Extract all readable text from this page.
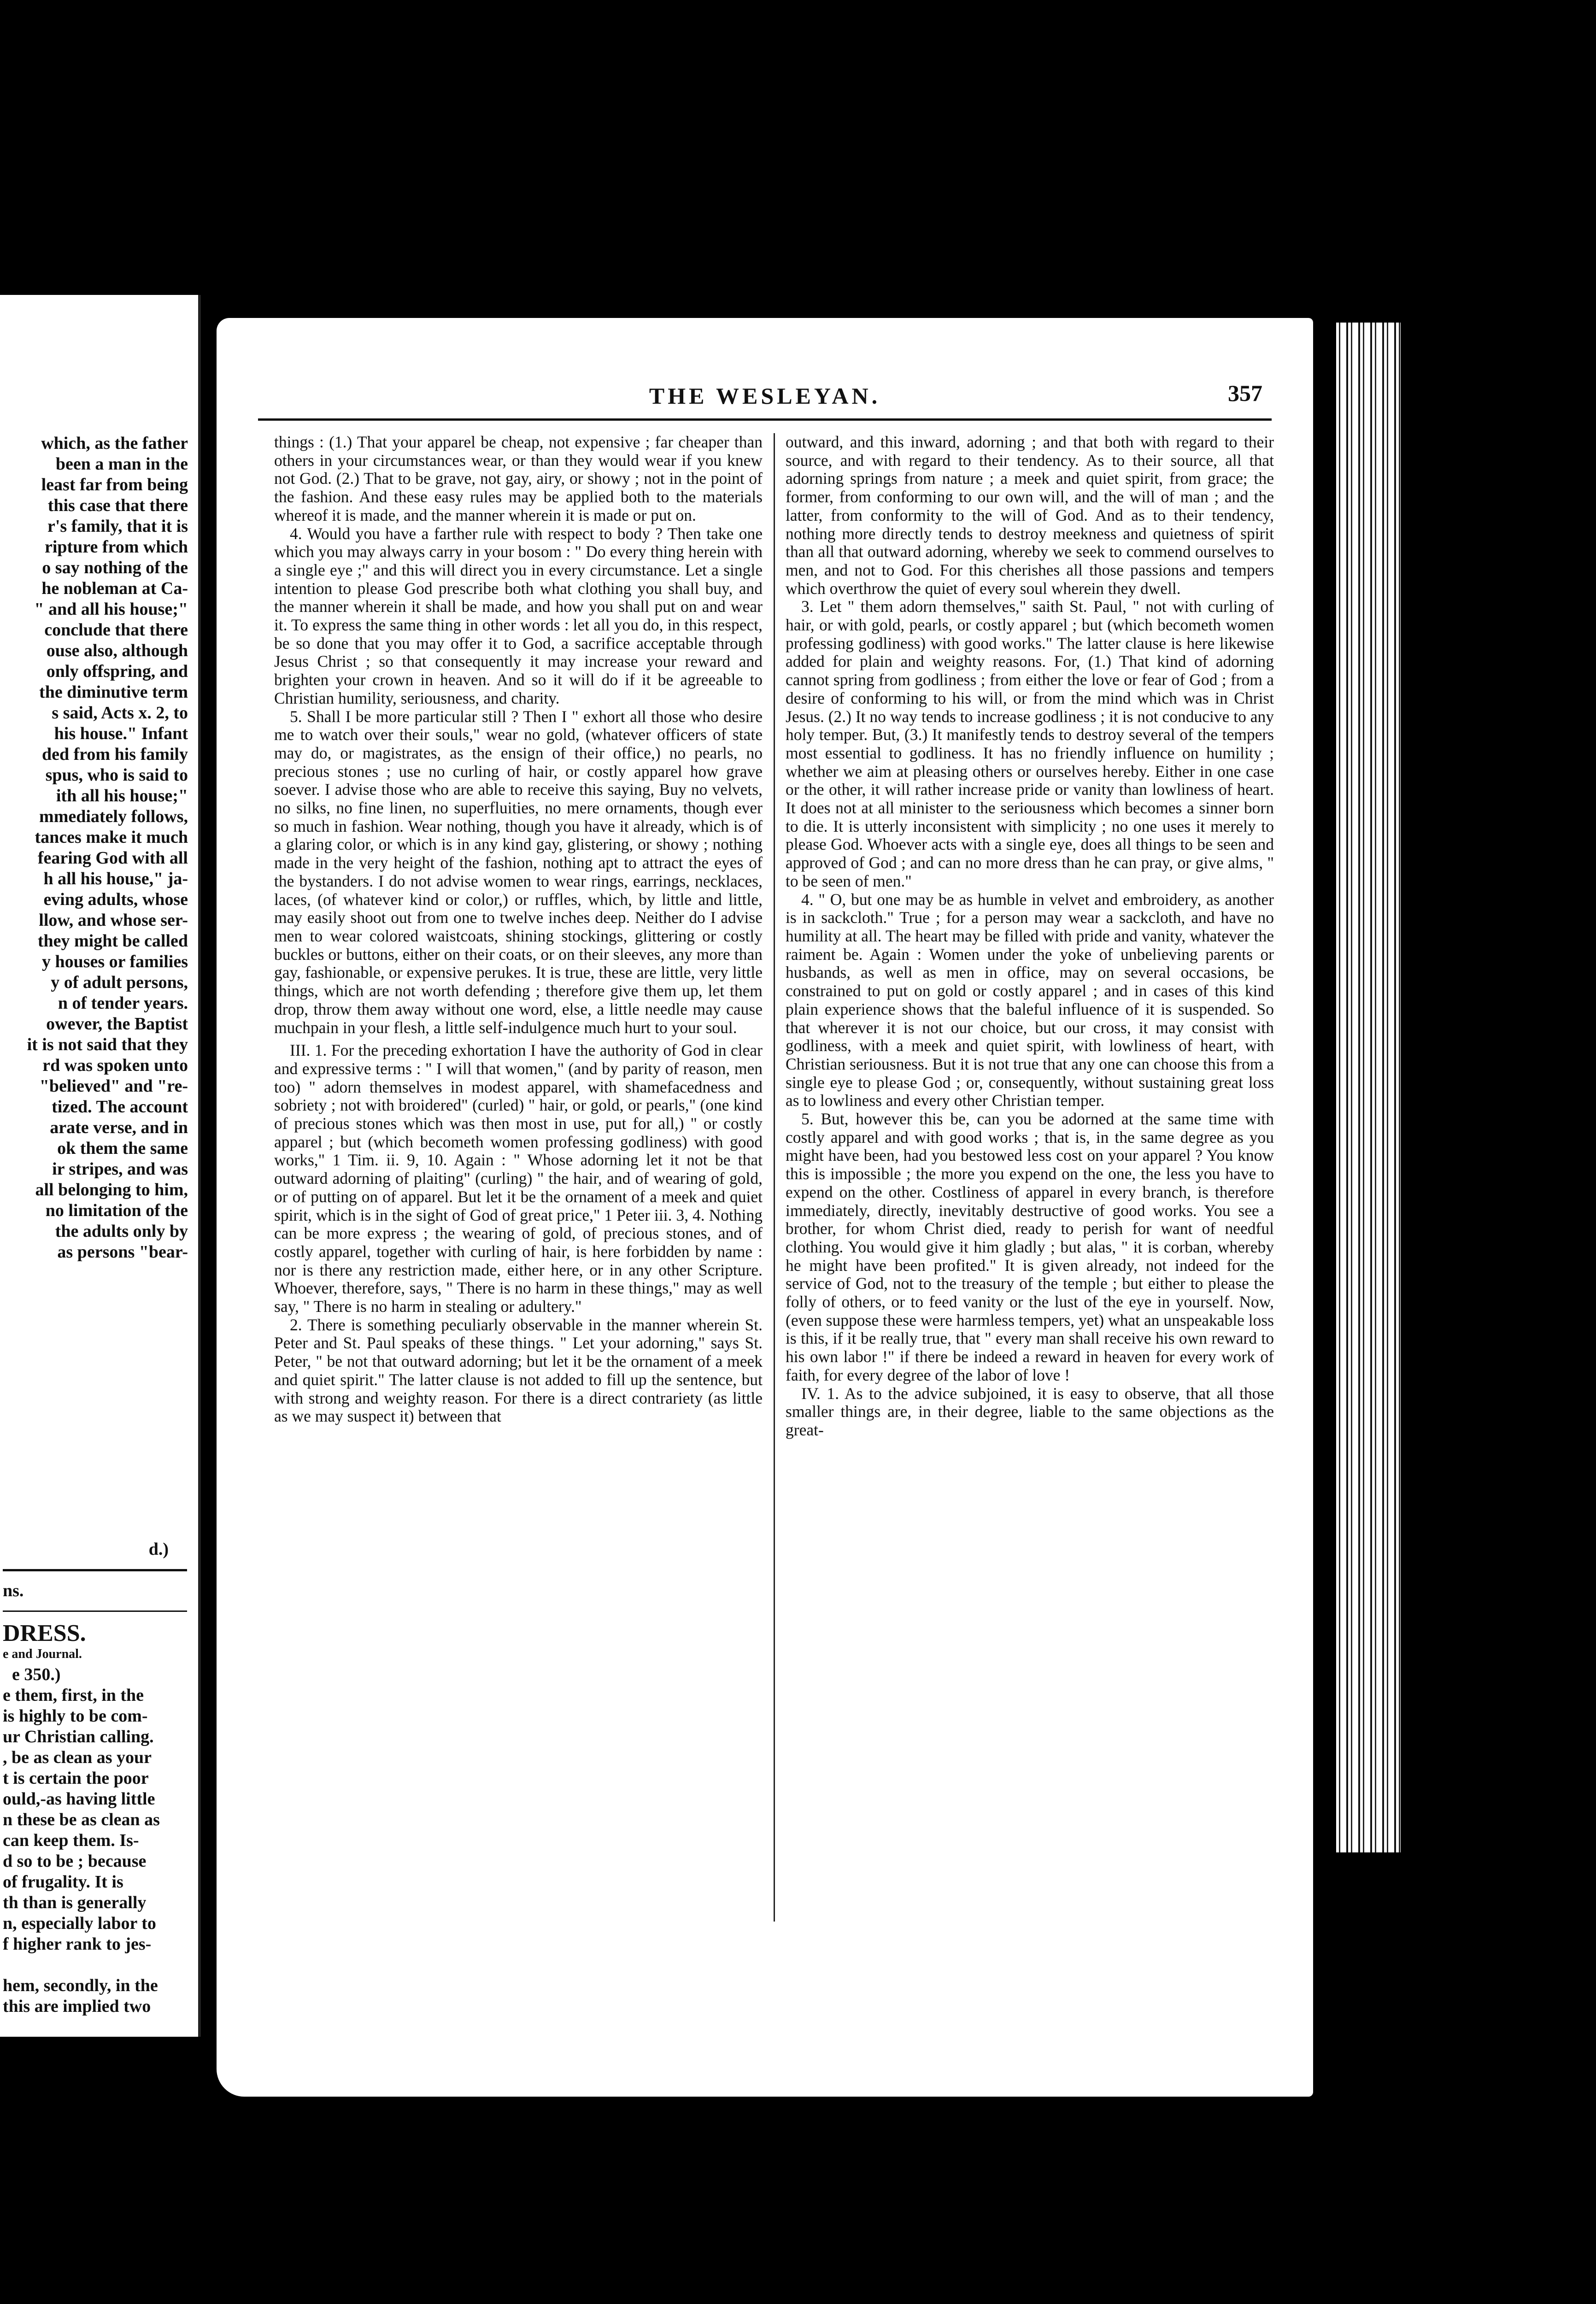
which, as the father
been a man in the
least far from being
this case that there
r's family, that it is
ripture from which
o say nothing of the
he nobleman at Ca-
" and all his house;"
conclude that there
ouse also, although
only offspring, and
the diminutive term
s said, Acts x. 2, to
his house." Infant
ded from his family
spus, who is said to
ith all his house;"
mmediately follows,
tances make it much
fearing God with all
h all his house," ja-
eving adults, whose
llow, and whose ser-
they might be called
y houses or families
y of adult persons,
n of tender years.
owever, the Baptist
it is not said that they
rd was spoken unto
"believed" and "re-
tized. The account
arate verse, and in
ok them the same
ir stripes, and was
all belonging to him,
no limitation of the
the adults only by
as persons "bear-
d.)
ns.
DRESS.
e and Journal.
e 350.)
e them, first, in the
is highly to be com-
ur Christian calling.
, be as clean as your
t is certain the poor
ould,-as having little
n these be as clean as
can keep them. Is-
d so to be ; because
of frugality. It is
th than is generally
n, especially labor to
f higher rank to jes-

hem, secondly, in the
this are implied two
THE WESLEYAN.	357

things : (1.) That your apparel be cheap, not expensive ; far cheaper than others in your circumstances wear, or than they would wear if you knew not God. (2.) That to be grave, not gay, airy, or showy ; not in the point of the fashion. And these easy rules may be applied both to the materials whereof it is made, and the manner wherein it is made or put on.

4. Would you have a farther rule with respect to body ? Then take one which you may always carry in your bosom : " Do every thing herein with a single eye ;" and this will direct you in every circumstance. Let a single intention to please God prescribe both what clothing you shall buy, and the manner wherein it shall be made, and how you shall put on and wear it. To express the same thing in other words : let all you do, in this respect, be so done that you may offer it to God, a sacrifice acceptable through Jesus Christ ; so that consequently it may increase your reward and brighten your crown in heaven. And so it will do if it be agreeable to Christian humility, seriousness, and charity.

5. Shall I be more particular still ? Then I " exhort all those who desire me to watch over their souls," wear no gold, (whatever officers of state may do, or magistrates, as the ensign of their office,) no pearls, no precious stones ; use no curling of hair, or costly apparel how grave soever. I advise those who are able to receive this saying, Buy no velvets, no silks, no fine linen, no superfluities, no mere ornaments, though ever so much in fashion. Wear nothing, though you have it already, which is of a glaring color, or which is in any kind gay, glistering, or showy ; nothing made in the very height of the fashion, nothing apt to attract the eyes of the bystanders. I do not advise women to wear rings, earrings, necklaces, laces, (of whatever kind or color,) or ruffles, which, by little and little, may easily shoot out from one to twelve inches deep. Neither do I advise men to wear colored waistcoats, shining stockings, glittering or costly buckles or buttons, either on their coats, or on their sleeves, any more than gay, fashionable, or expensive perukes. It is true, these are little, very little things, which are not worth defending ; therefore give them up, let them drop, throw them away without one word, else, a little needle may cause muchpain in your flesh, a little self-indulgence much hurt to your soul.

III. 1. For the preceding exhortation I have the authority of God in clear and expressive terms : " I will that women," (and by parity of reason, men too) " adorn themselves in modest apparel, with shamefacedness and sobriety ; not with broidered" (curled) " hair, or gold, or pearls," (one kind of precious stones which was then most in use, put for all,) " or costly apparel ; but (which becometh women professing godliness) with good works," 1 Tim. ii. 9, 10. Again : " Whose adorning let it not be that outward adorning of plaiting" (curling) " the hair, and of wearing of gold, or of putting on of apparel. But let it be the ornament of a meek and quiet spirit, which is in the sight of God of great price," 1 Peter iii. 3, 4. Nothing can be more express ; the wearing of gold, of precious stones, and of costly apparel, together with curling of hair, is here forbidden by name : nor is there any restriction made, either here, or in any other Scripture. Whoever, therefore, says, " There is no harm in these things," may as well say, " There is no harm in stealing or adultery."

2. There is something peculiarly observable in the manner wherein St. Peter and St. Paul speaks of these things. " Let your adorning," says St. Peter, " be not that outward adorning; but let it be the ornament of a meek and quiet spirit." The latter clause is not added to fill up the sentence, but with strong and weighty reason. For there is a direct contrariety (as little as we may suspect it) between that

outward, and this inward, adorning ; and that both with regard to their source, and with regard to their tendency. As to their source, all that adorning springs from nature ; a meek and quiet spirit, from grace; the former, from conforming to our own will, and the will of man ; and the latter, from conformity to the will of God. And as to their tendency, nothing more directly tends to destroy meekness and quietness of spirit than all that outward adorning, whereby we seek to commend ourselves to men, and not to God. For this cherishes all those passions and tempers which overthrow the quiet of every soul wherein they dwell.

3. Let " them adorn themselves," saith St. Paul, " not with curling of hair, or with gold, pearls, or costly apparel ; but (which becometh women professing godliness) with good works." The latter clause is here likewise added for plain and weighty reasons. For, (1.) That kind of adorning cannot spring from godliness ; from either the love or fear of God ; from a desire of conforming to his will, or from the mind which was in Christ Jesus. (2.) It no way tends to increase godliness ; it is not conducive to any holy temper. But, (3.) It manifestly tends to destroy several of the tempers most essential to godliness. It has no friendly influence on humility ; whether we aim at pleasing others or ourselves hereby. Either in one case or the other, it will rather increase pride or vanity than lowliness of heart. It does not at all minister to the seriousness which becomes a sinner born to die. It is utterly inconsistent with simplicity ; no one uses it merely to please God. Whoever acts with a single eye, does all things to be seen and approved of God ; and can no more dress than he can pray, or give alms, " to be seen of men."

4. " O, but one may be as humble in velvet and embroidery, as another is in sackcloth." True ; for a person may wear a sackcloth, and have no humility at all. The heart may be filled with pride and vanity, whatever the raiment be. Again : Women under the yoke of unbelieving parents or husbands, as well as men in office, may on several occasions, be constrained to put on gold or costly apparel ; and in cases of this kind plain experience shows that the baleful influence of it is suspended. So that wherever it is not our choice, but our cross, it may consist with godliness, with a meek and quiet spirit, with lowliness of heart, with Christian seriousness. But it is not true that any one can choose this from a single eye to please God ; or, consequently, without sustaining great loss as to lowliness and every other Christian temper.

5. But, however this be, can you be adorned at the same time with costly apparel and with good works ; that is, in the same degree as you might have been, had you bestowed less cost on your apparel ? You know this is impossible ; the more you expend on the one, the less you have to expend on the other. Costliness of apparel in every branch, is therefore immediately, directly, inevitably destructive of good works. You see a brother, for whom Christ died, ready to perish for want of needful clothing. You would give it him gladly ; but alas, " it is corban, whereby he might have been profited." It is given already, not indeed for the service of God, not to the treasury of the temple ; but either to please the folly of others, or to feed vanity or the lust of the eye in yourself. Now, (even suppose these were harmless tempers, yet) what an unspeakable loss is this, if it be really true, that " every man shall receive his own reward to his own labor !" if there be indeed a reward in heaven for every work of faith, for every degree of the labor of love !

IV. 1. As to the advice subjoined, it is easy to observe, that all those smaller things are, in their degree, liable to the same objections as the great-
